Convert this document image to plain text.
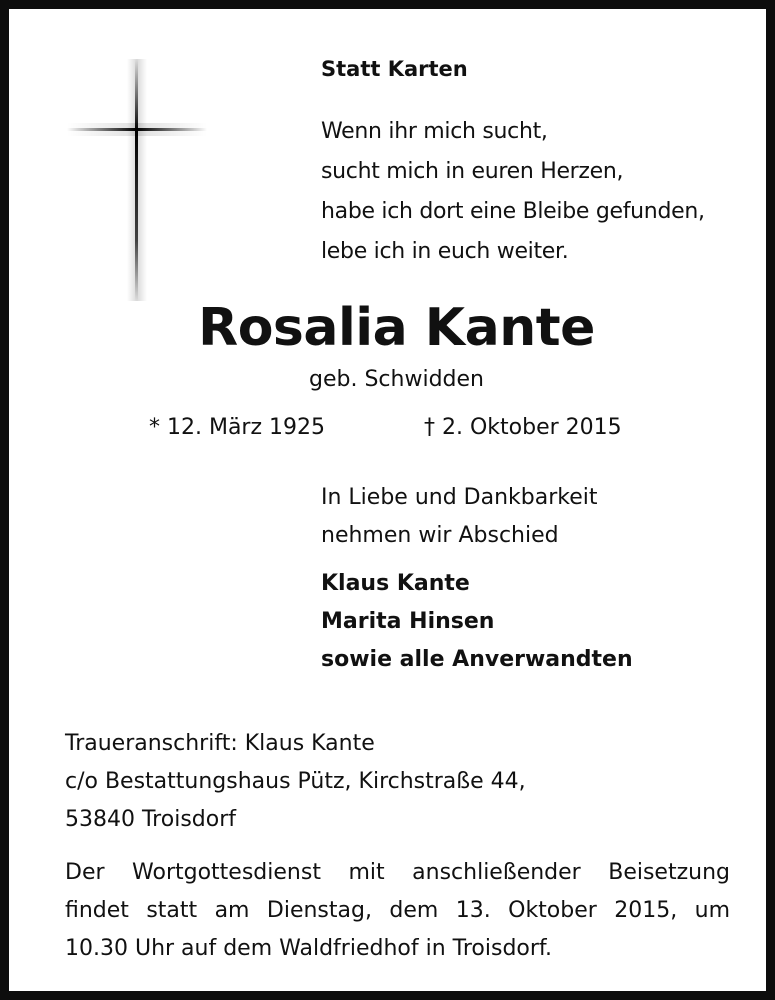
Statt Karten
Wenn ihr mich sucht,
sucht mich in euren Herzen,
habe ich dort eine Bleibe gefunden,
lebe ich in euch weiter.
Rosalia Kante
geb. Schwidden
* 12. März 1925	† 2. Oktober 2015
In Liebe und Dankbarkeit
nehmen wir Abschied
Klaus Kante
Marita Hinsen
sowie alle Anverwandten
Traueranschrift: Klaus Kante
c/o Bestattungshaus Pütz, Kirchstraße 44,
53840 Troisdorf
Der Wortgottesdienst mit anschließender Beisetzung
findet statt am Dienstag, dem 13. Oktober 2015, um
10.30 Uhr auf dem Waldfriedhof in Troisdorf.
